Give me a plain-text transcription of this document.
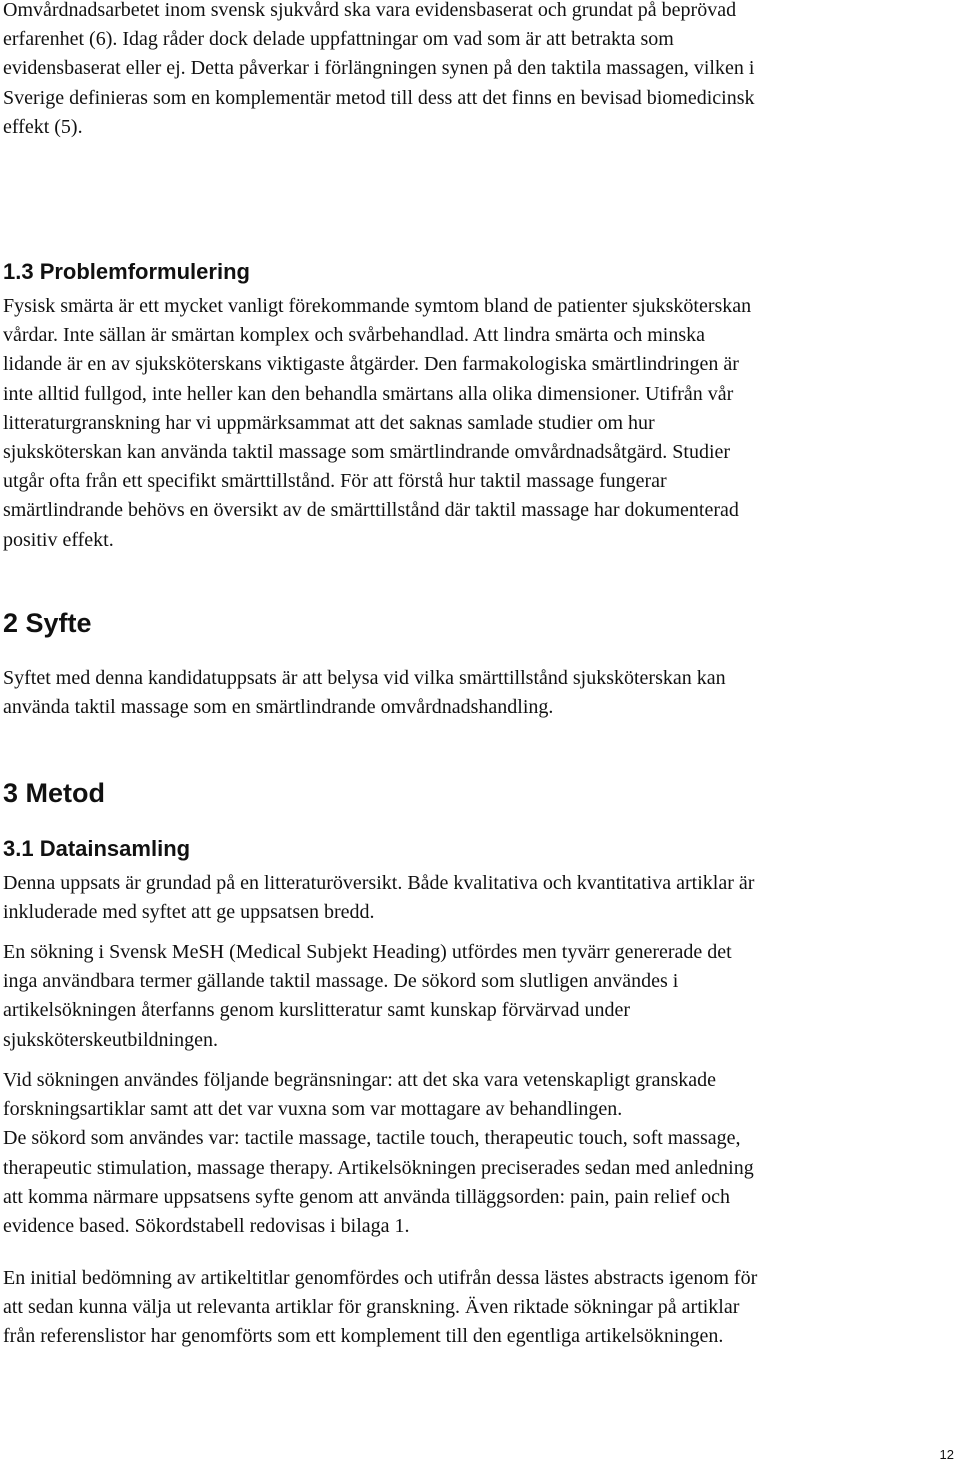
Omvårdnadsarbetet inom svensk sjukvård ska vara evidensbaserat och grundat på beprövad
erfarenhet (6). Idag råder dock delade uppfattningar om vad som är att betrakta som
evidensbaserat eller ej. Detta påverkar i förlängningen synen på den taktila massagen, vilken i
Sverige definieras som en komplementär metod till dess att det finns en bevisad biomedicinsk
effekt (5).

1.3 Problemformulering

Fysisk smärta är ett mycket vanligt förekommande symtom bland de patienter sjuksköterskan
vårdar. Inte sällan är smärtan komplex och svårbehandlad. Att lindra smärta och minska
lidande är en av sjuksköterskans viktigaste åtgärder. Den farmakologiska smärtlindringen är
inte alltid fullgod, inte heller kan den behandla smärtans alla olika dimensioner. Utifrån vår
litteraturgranskning har vi uppmärksammat att det saknas samlade studier om hur
sjuksköterskan kan använda taktil massage som smärtlindrande omvårdnadsåtgärd. Studier
utgår ofta från ett specifikt smärttillstånd. För att förstå hur taktil massage fungerar
smärtlindrande behövs en översikt av de smärttillstånd där taktil massage har dokumenterad
positiv effekt.

2 Syfte

Syftet med denna kandidatuppsats är att belysa vid vilka smärttillstånd sjuksköterskan kan
använda taktil massage som en smärtlindrande omvårdnadshandling.

3 Metod
3.1 Datainsamling

Denna uppsats är grundad på en litteraturöversikt. Både kvalitativa och kvantitativa artiklar är
inkluderade med syftet att ge uppsatsen bredd.

En sökning i Svensk MeSH (Medical Subjekt Heading) utfördes men tyvärr genererade det
inga användbara termer gällande taktil massage. De sökord som slutligen användes i
artikelsökningen återfanns genom kurslitteratur samt kunskap förvärvad under
sjuksköterskeutbildningen.

Vid sökningen användes följande begränsningar: att det ska vara vetenskapligt granskade
forskningsartiklar samt att det var vuxna som var mottagare av behandlingen.
De sökord som användes var: tactile massage, tactile touch, therapeutic touch, soft massage,
therapeutic stimulation, massage therapy. Artikelsökningen preciserades sedan med anledning
att komma närmare uppsatsens syfte genom att använda tilläggsorden: pain, pain relief och
evidence based. Sökordstabell redovisas i bilaga 1.

En initial bedömning av artikeltitlar genomfördes och utifrån dessa lästes abstracts igenom för
att sedan kunna välja ut relevanta artiklar för granskning. Även riktade sökningar på artiklar
från referenslistor har genomförts som ett komplement till den egentliga artikelsökningen.

12
